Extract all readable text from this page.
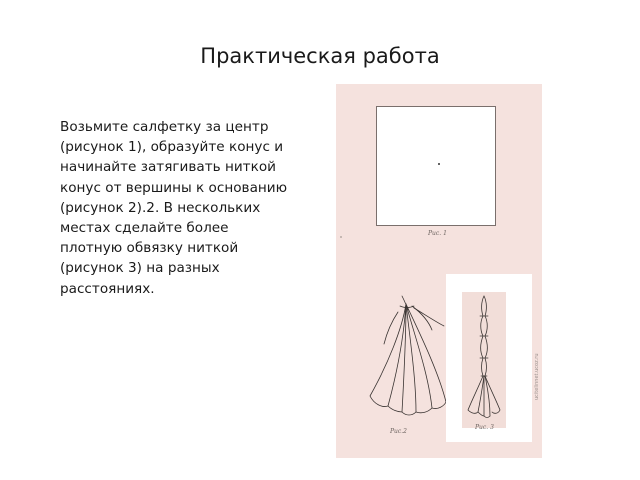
Практическая работа

Возьмите салфетку за центр (рисунок 1), образуйте конус и начинайте затягивать ниткой конус от вершины к основанию (рисунок 2).2. В нескольких местах сделайте более плотную обвязку ниткой (рисунок 3) на разных расстояниях.

Рис. 1
Рис.2
Рис. 3
ucitelinnet.ucoz.ru
